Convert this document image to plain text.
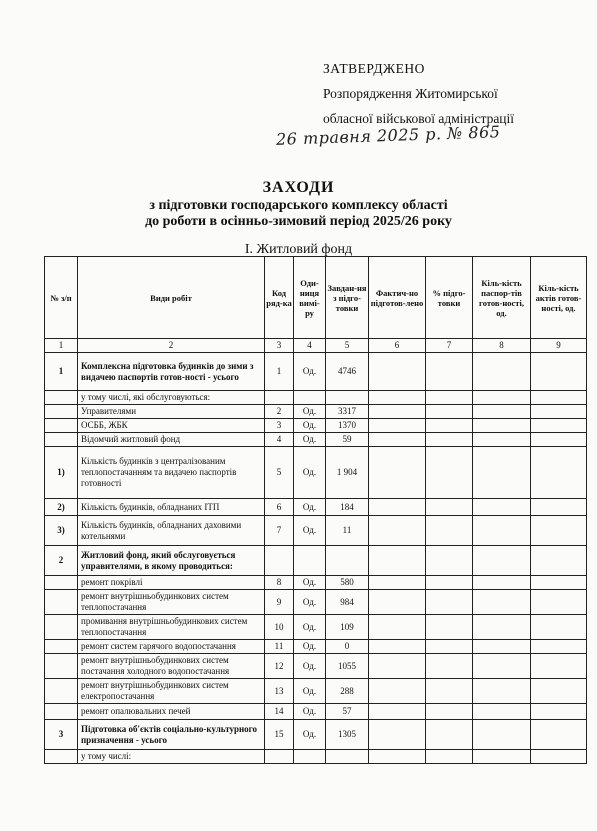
ЗАТВЕРДЖЕНО
Розпорядження Житомирської
обласної військової адміністрації
26 травня 2025 р. № 865
ЗАХОДИ
з підготовки господарського комплексу області
до роботи в осінньо-зимовий період 2025/26 року
І. Житловий фонд
№ з/п	Види робіт	Код ряд-ка	Оди-ниця вимі-ру	Завдан-ня з підго-товки	Фактич-но підготов-лено	% підго-товки	Кіль-кість паспор-тів готов-ності, од.	Кіль-кість актів готов-ності, од.
1	2	3	4	5	6	7	8	9
1	Комплексна підготовка будинків до зими з видачею паспортів готов-ності - усього	1	Од.	4746				
	у тому числі, які обслуговуються:							
	Управителями	2	Од.	3317				
	ОСББ, ЖБК	3	Од.	1370				
	Відомчий житловий фонд	4	Од.	59				
1)	Кількість будинків з централізованим теплопостачанням та видачею паспортів готовності	5	Од.	1 904				
2)	Кількість будинків, обладнаних ІТП	6	Од.	184				
3)	Кількість будинків, обладнаних даховими котельнями	7	Од.	11				
2	Житловий фонд, який обслуговується управителями, в якому проводиться:							
	ремонт покрівлі	8	Од.	580				
	ремонт внутрішньобудинкових систем теплопостачання	9	Од.	984				
	промивання внутрішньобудинкових систем теплопостачання	10	Од.	109				
	ремонт систем гарячого водопостачання	11	Од.	0				
	ремонт внутрішньобудинкових систем постачання холодного водопостачання	12	Од.	1055				
	ремонт внутрішньобудинкових систем електропостачання	13	Од.	288				
	ремонт опалювальних печей	14	Од.	57				
3	Підготовка об'єктів соціально-культурного призначення - усього	15	Од.	1305				
	у тому числі:							
